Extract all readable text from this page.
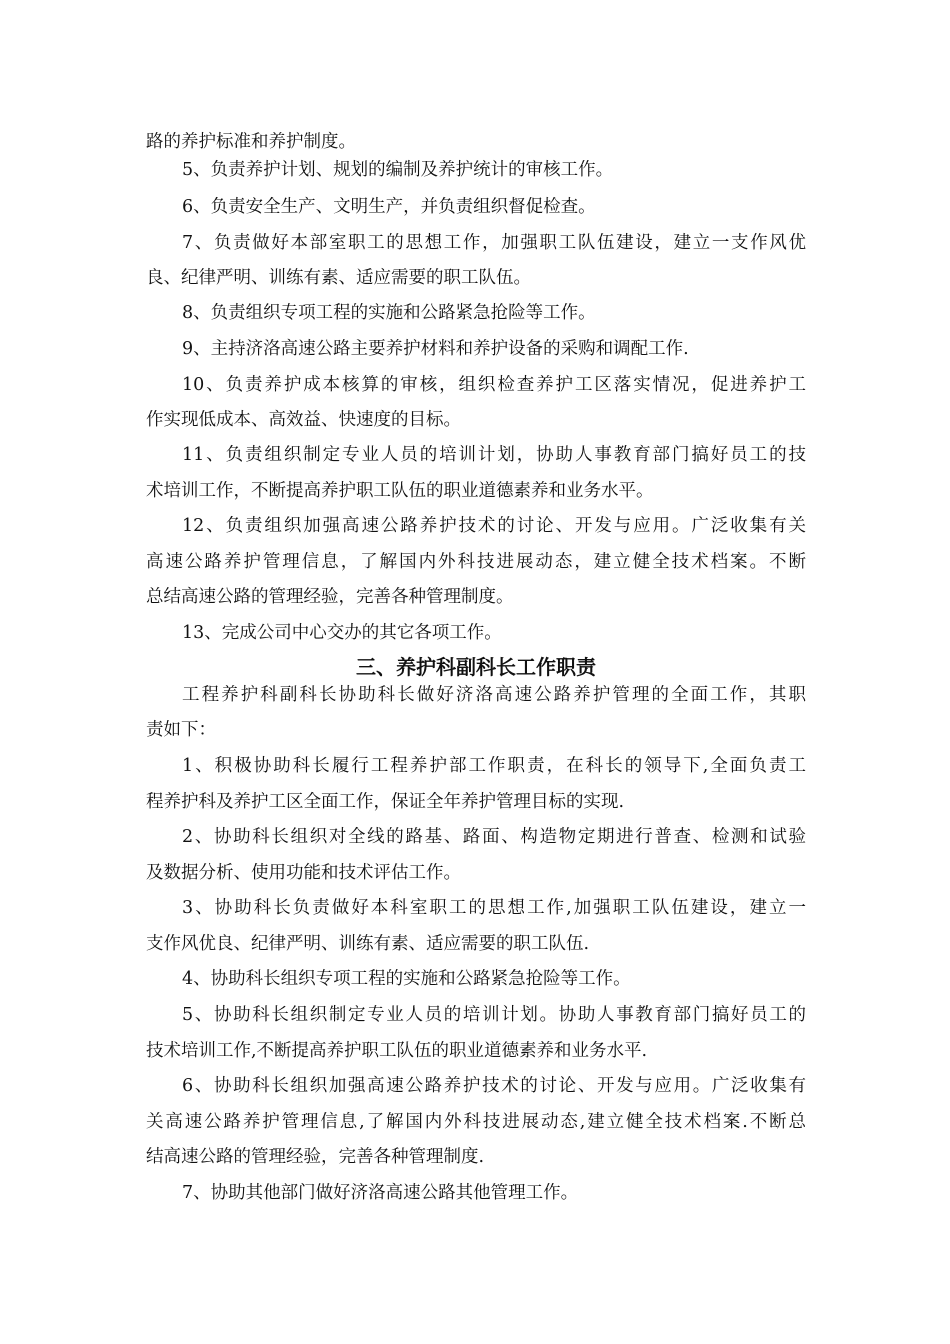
路的养护标准和养护制度。
5、负责养护计划、规划的编制及养护统计的审核工作。
6、负责安全生产、文明生产，并负责组织督促检查。
7、负责做好本部室职工的思想工作，加强职工队伍建设，建立一支作风优
良、纪律严明、训练有素、适应需要的职工队伍。
8、负责组织专项工程的实施和公路紧急抢险等工作。
9、主持济洛高速公路主要养护材料和养护设备的采购和调配工作.
10、负责养护成本核算的审核，组织检查养护工区落实情况，促进养护工
作实现低成本、高效益、快速度的目标。
11、负责组织制定专业人员的培训计划，协助人事教育部门搞好员工的技
术培训工作，不断提高养护职工队伍的职业道德素养和业务水平。
12、负责组织加强高速公路养护技术的讨论、开发与应用。广泛收集有关
高速公路养护管理信息，了解国内外科技进展动态，建立健全技术档案。不断
总结高速公路的管理经验，完善各种管理制度。
13、完成公司中心交办的其它各项工作。
三、养护科副科长工作职责
工程养护科副科长协助科长做好济洛高速公路养护管理的全面工作，其职
责如下：
1、积极协助科长履行工程养护部工作职责，在科长的领导下,全面负责工
程养护科及养护工区全面工作，保证全年养护管理目标的实现.
2、协助科长组织对全线的路基、路面、构造物定期进行普查、检测和试验
及数据分析、使用功能和技术评估工作。
3、协助科长负责做好本科室职工的思想工作,加强职工队伍建设，建立一
支作风优良、纪律严明、训练有素、适应需要的职工队伍.
4、协助科长组织专项工程的实施和公路紧急抢险等工作。
5、协助科长组织制定专业人员的培训计划。协助人事教育部门搞好员工的
技术培训工作,不断提高养护职工队伍的职业道德素养和业务水平.
6、协助科长组织加强高速公路养护技术的讨论、开发与应用。广泛收集有
关高速公路养护管理信息,了解国内外科技进展动态,建立健全技术档案.不断总
结高速公路的管理经验，完善各种管理制度.
7、协助其他部门做好济洛高速公路其他管理工作。
